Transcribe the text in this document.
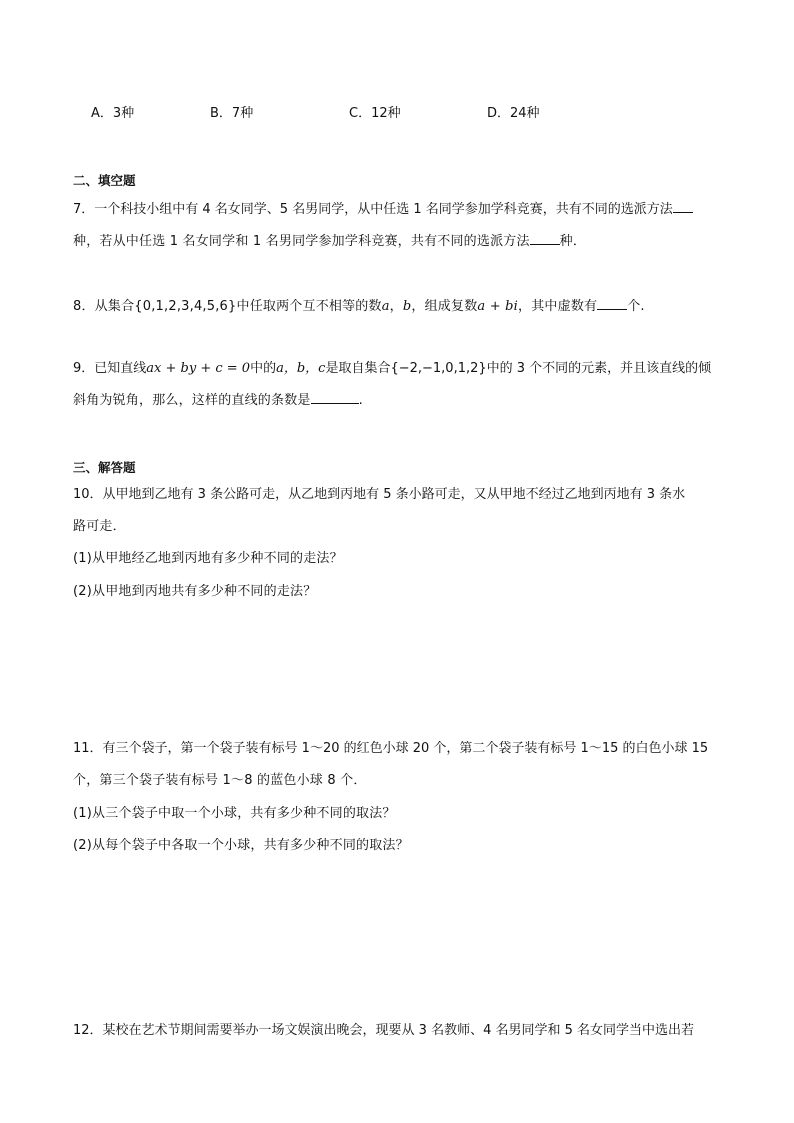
A．3种	B．7种	C．12种	D．24种
二、填空题
7．一个科技小组中有 4 名女同学、5 名男同学，从中任选 1 名同学参加学科竞赛，共有不同的选派方法
种，若从中任选 1 名女同学和 1 名男同学参加学科竞赛，共有不同的选派方法 种．
8．从集合{0,1,2,3,4,5,6}中任取两个互不相等的数a，b，组成复数a + bi，其中虚数有 个.
9．已知直线ax + by + c = 0中的a，b，c是取自集合{−2,−1,0,1,2}中的 3 个不同的元素，并且该直线的倾
斜角为锐角，那么，这样的直线的条数是	.
三、解答题
10．从甲地到乙地有 3 条公路可走，从乙地到丙地有 5 条小路可走，又从甲地不经过乙地到丙地有 3 条水
路可走．
(1)从甲地经乙地到丙地有多少种不同的走法？
(2)从甲地到丙地共有多少种不同的走法？
11．有三个袋子，第一个袋子装有标号 1～20 的红色小球 20 个，第二个袋子装有标号 1～15 的白色小球 15
个，第三个袋子装有标号 1～8 的蓝色小球 8 个．
(1)从三个袋子中取一个小球，共有多少种不同的取法？
(2)从每个袋子中各取一个小球，共有多少种不同的取法？
12．某校在艺术节期间需要举办一场文娱演出晚会，现要从 3 名教师、4 名男同学和 5 名女同学当中选出若
